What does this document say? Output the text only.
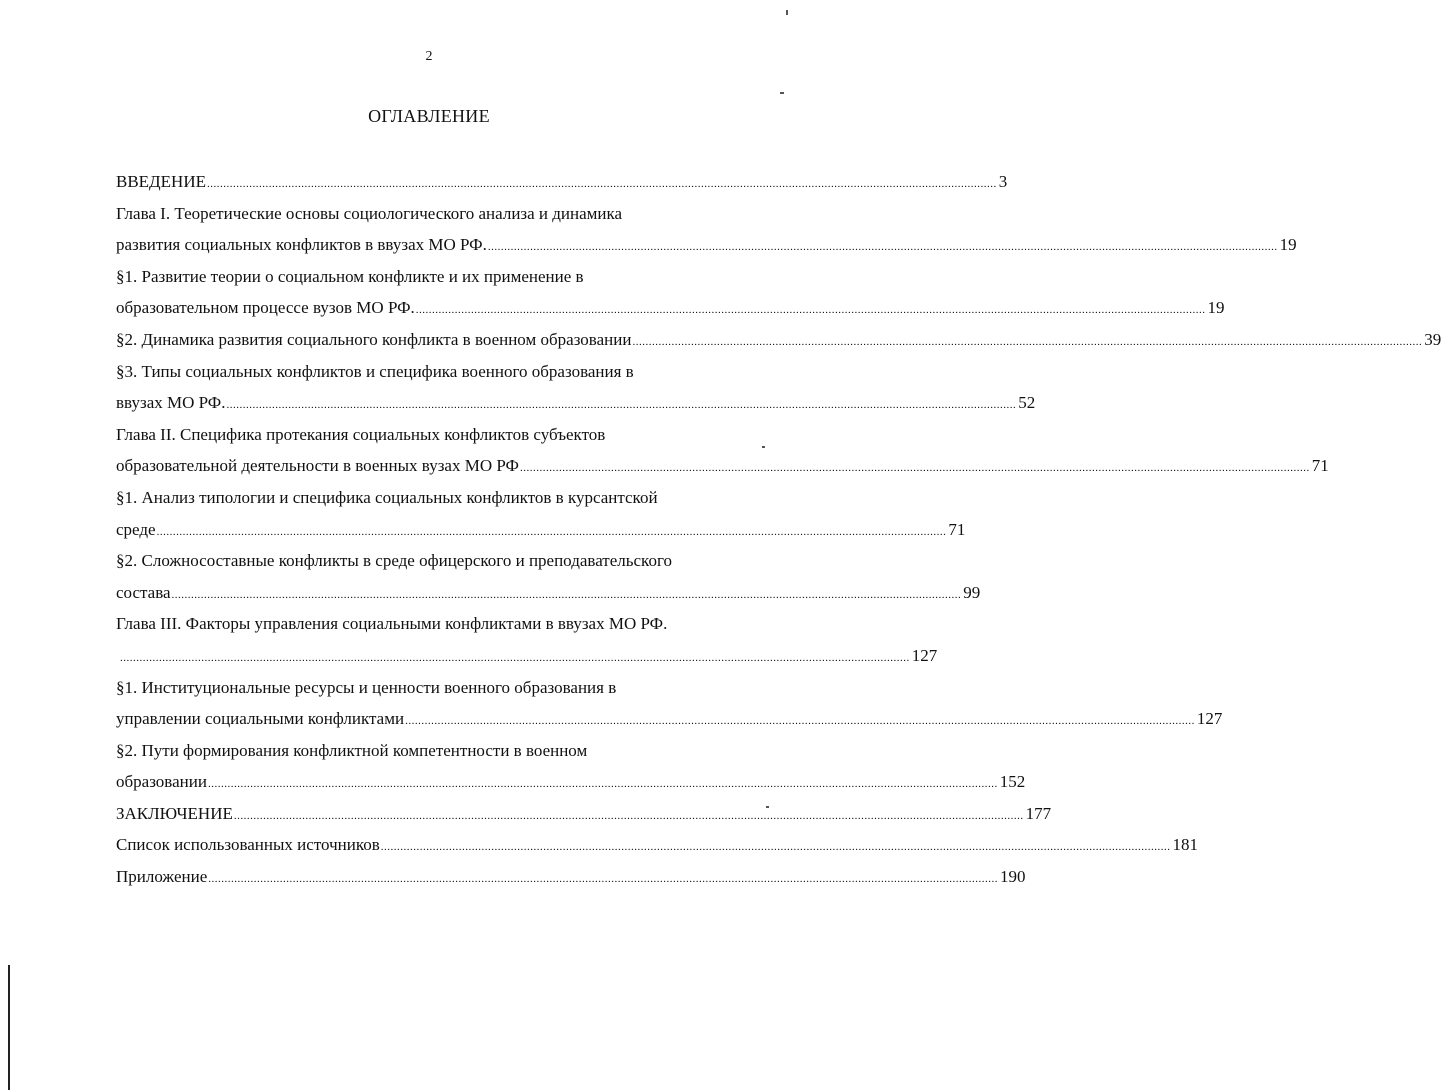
2
ОГЛАВЛЕНИЕ
ВВЕДЕНИЕ ................................................................................................................................................................................................................................................... 3
Глава I. Теоретические основы социологического анализа и динамика
развития социальных конфликтов в ввузах МО РФ. ................................................................................................................................................................................................................................................... 19
§1. Развитие теории о социальном конфликте и их применение в
образовательном процессе вузов МО РФ. ................................................................................................................................................................................................................................................... 19
§2. Динамика развития социального конфликта в военном образовании ................................................................................................................................................................................................................................................... 39
§3. Типы социальных конфликтов и специфика военного образования в
ввузах МО РФ. ................................................................................................................................................................................................................................................... 52
Глава II. Специфика протекания социальных конфликтов субъектов
образовательной деятельности в военных вузах МО РФ ................................................................................................................................................................................................................................................... 71
§1. Анализ типологии и специфика социальных конфликтов в курсантской
среде ................................................................................................................................................................................................................................................... 71
§2. Сложносоставные конфликты в среде офицерского и преподавательского
состава ................................................................................................................................................................................................................................................... 99
Глава III. Факторы управления социальными конфликтами в ввузах МО РФ.
................................................................................................................................................................................................................................................... 127
§1. Институциональные ресурсы и ценности военного образования в
управлении социальными конфликтами ................................................................................................................................................................................................................................................... 127
§2. Пути формирования конфликтной компетентности в военном
образовании ................................................................................................................................................................................................................................................... 152
ЗАКЛЮЧЕНИЕ ................................................................................................................................................................................................................................................... 177
Список использованных источников ................................................................................................................................................................................................................................................... 181
Приложение ................................................................................................................................................................................................................................................... 190
